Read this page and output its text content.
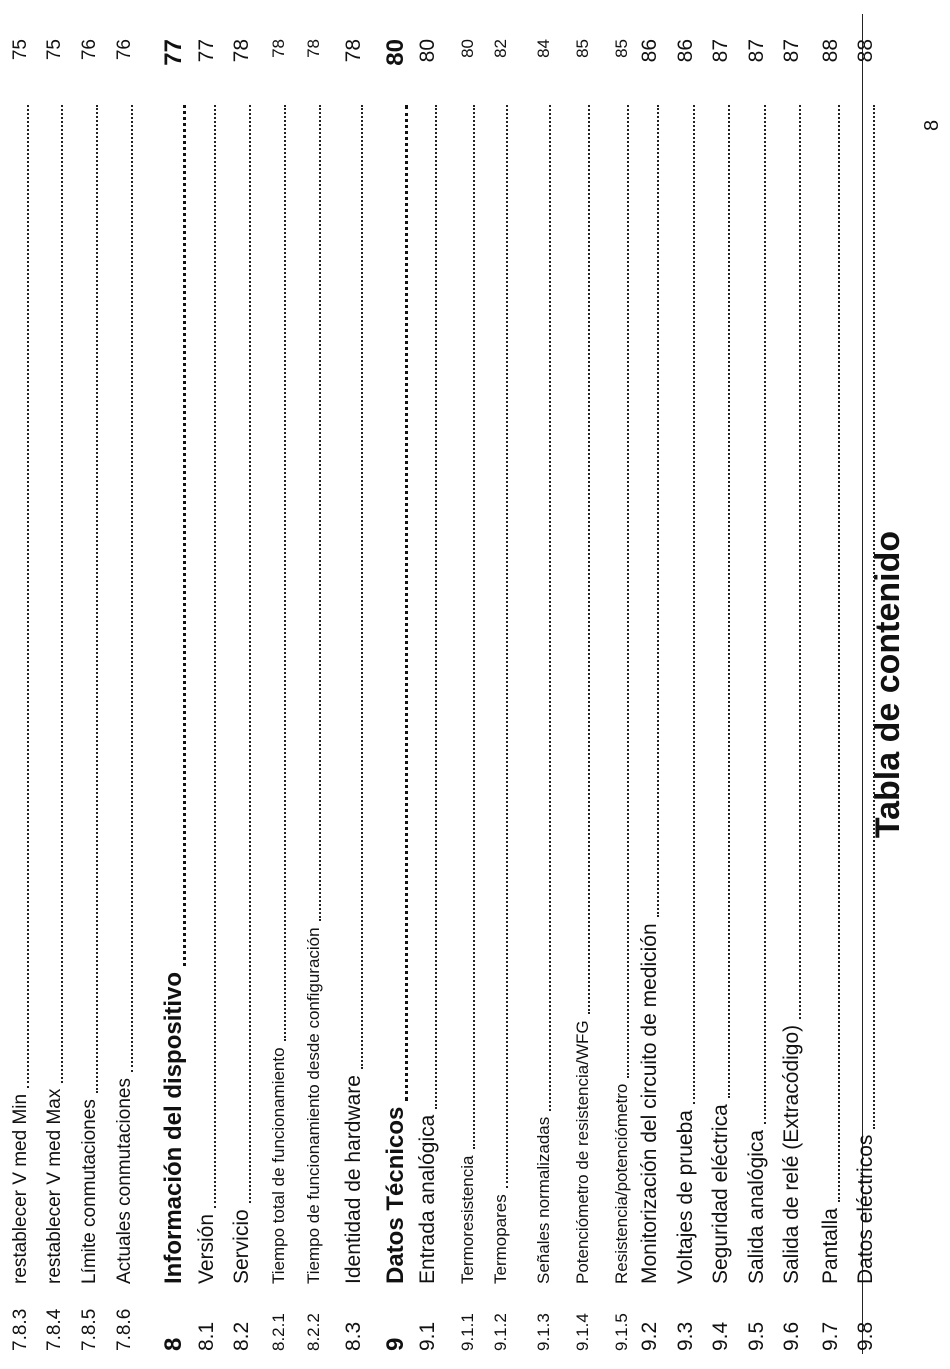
Tabla de contenido
8
7.8.3
restablecer V med Min
75
7.8.4
restablecer V med Max
75
7.8.5
Límite conmutaciones
76
7.8.6
Actuales conmutaciones
76
8
Información del dispositivo
77
8.1
Versión
77
8.2
Servicio
78
8.2.1
Tiempo total de funcionamiento
78
8.2.2
Tiempo de funcionamiento desde configuración
78
8.3
Identidad de hardware
78
9
Datos Técnicos
80
9.1
Entrada analógica
80
9.1.1
Termoresistencia
80
9.1.2
Termopares
82
9.1.3
Señales normalizadas
84
9.1.4
Potenciómetro de resistencia/WFG
85
9.1.5
Resistencia/potenciómetro
85
9.2
Monitorización del circuito de medición
86
9.3
Voltajes de prueba
86
9.4
Seguridad eléctrica
87
9.5
Salida analógica
87
9.6
Salida de relé (Extracódigo)
87
9.7
Pantalla
88
9.8
Datos eléctricos
88
